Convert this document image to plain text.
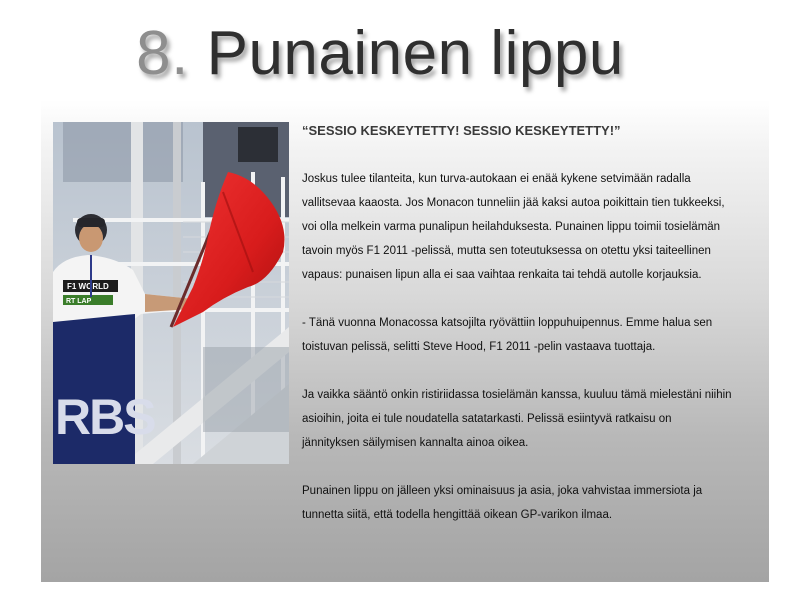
8. Punainen lippu
F1 WORLD
RT LAP
RBS
“SESSIO KESKEYTETTY! SESSIO KESKEYTETTY!”

Joskus tulee tilanteita, kun turva-autokaan ei enää kykene setvimään radalla vallitsevaa kaaosta. Jos Monacon tunneliin jää kaksi autoa poikittain tien tukkeeksi, voi olla melkein varma punalipun heilahduksesta. Punainen lippu toimii tosielämän tavoin myös F1 2011 -pelissä, mutta sen toteutuksessa on otettu yksi taiteellinen vapaus: punaisen lipun alla ei saa vaihtaa renkaita tai tehdä autolle korjauksia.

- Tänä vuonna Monacossa katsojilta ryövättiin loppuhuipennus. Emme halua sen toistuvan pelissä, selitti Steve Hood, F1 2011 -pelin vastaava tuottaja.

Ja vaikka sääntö onkin ristiriidassa tosielämän kanssa, kuuluu tämä mielestäni niihin asioihin, joita ei tule noudatella satatarkasti. Pelissä esiintyvä ratkaisu on jännityksen säilymisen kannalta ainoa oikea.

Punainen lippu on jälleen yksi ominaisuus ja asia, joka vahvistaa immersiota ja tunnetta siitä, että todella hengittää oikean GP-varikon ilmaa.
